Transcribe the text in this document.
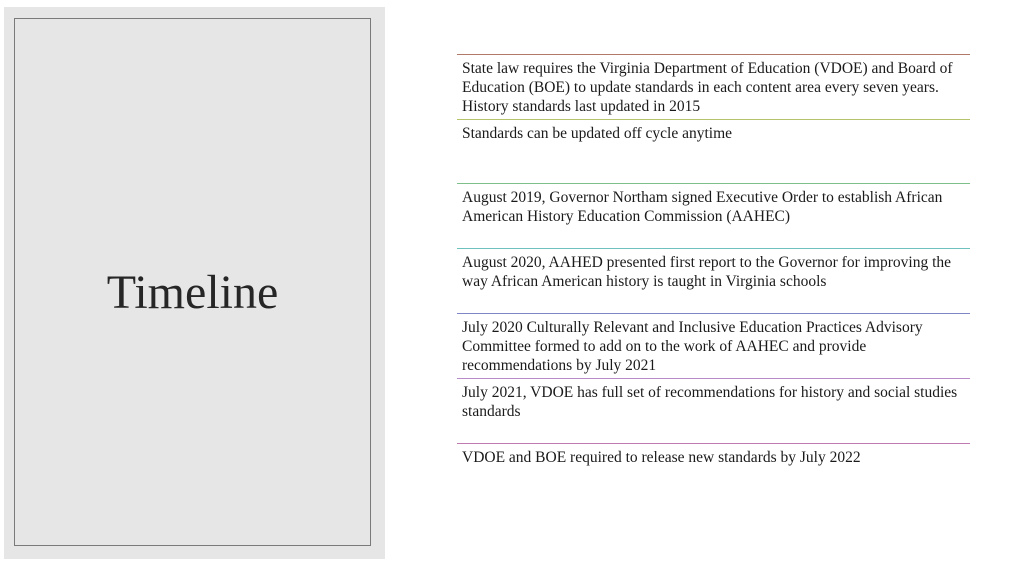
Timeline
State law requires the Virginia Department of Education (VDOE) and Board of Education (BOE) to update standards in each content area every seven years. History standards last updated in 2015
Standards can be updated off cycle anytime
August 2019, Governor Northam signed Executive Order to establish African American History Education Commission (AAHEC)
August 2020, AAHED presented first report to the Governor for improving the way African American history is taught in Virginia schools
July 2020 Culturally Relevant and Inclusive Education Practices Advisory Committee formed to add on to the work of AAHEC and provide recommendations by July 2021
July 2021, VDOE has full set of recommendations for history and social studies standards
VDOE and BOE required to release new standards by July 2022
